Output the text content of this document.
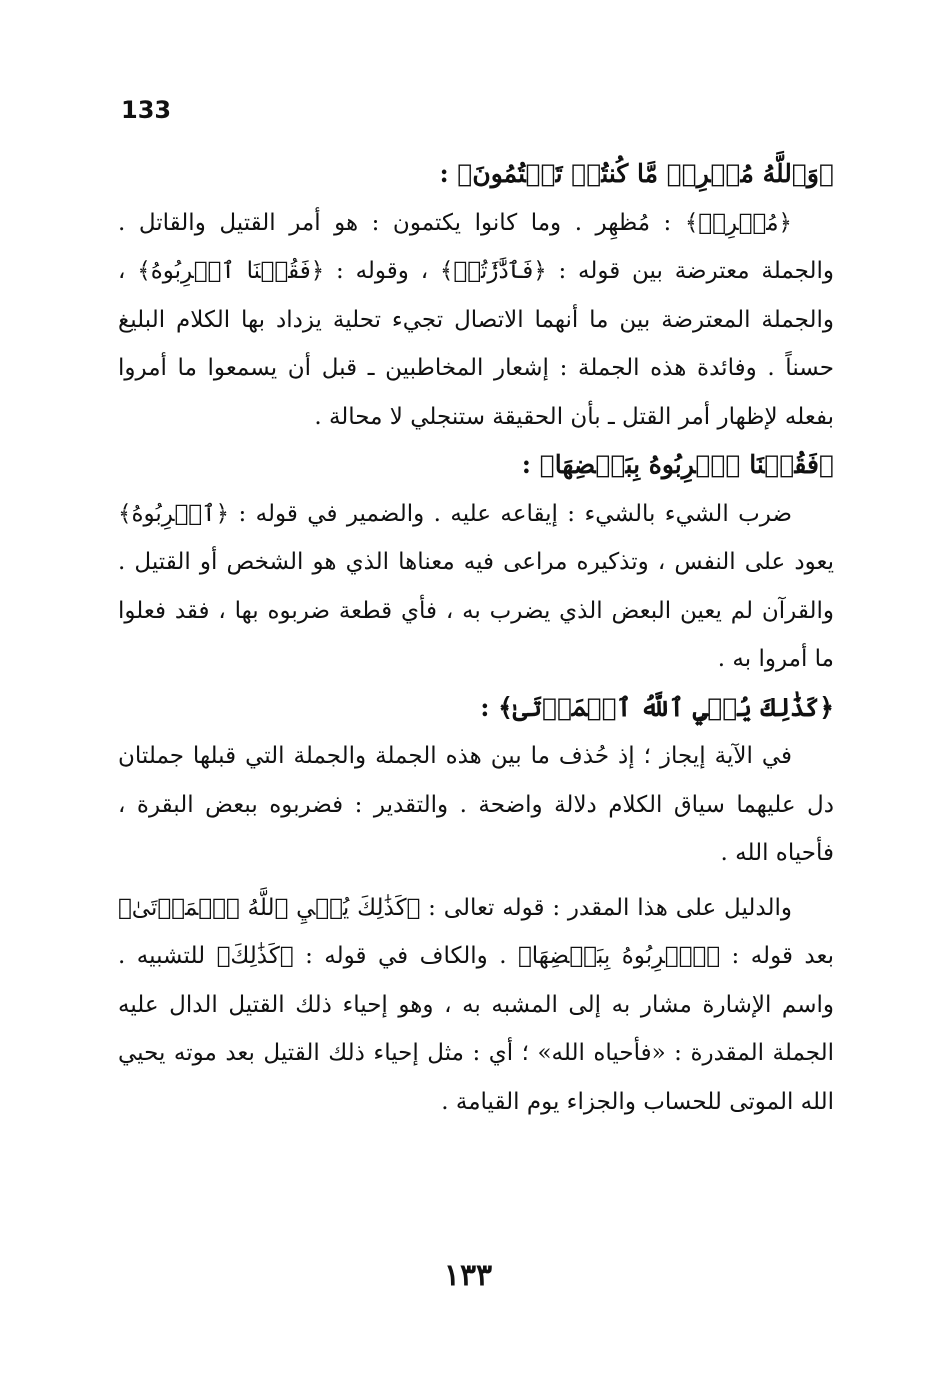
133

﴿وَٱللَّهُ مُخۡرِجٞ مَّا كُنتُمۡ تَكۡتُمُونَ﴾ :

﴿مُخۡرِجٞ﴾ : مُظهِر . وما كانوا يكتمون : هو أمر القتيل والقاتل . والجملة معترضة بين قوله : ﴿فَٱدَّٰرَٰٔتُمۡ﴾ ، وقوله : ﴿فَقُلۡنَا ٱضۡرِبُوهُ﴾ ، والجملة المعترضة بين ما أنهما الاتصال تجيء تحلية يزداد بها الكلام البليغ حسناً . وفائدة هذه الجملة : إشعار المخاطبين ـ قبل أن يسمعوا ما أمروا بفعله لإظهار أمر القتل ـ بأن الحقيقة ستنجلي لا محالة .

﴿فَقُلۡنَا ٱضۡرِبُوهُ بِبَعۡضِهَا﴾ :

ضرب الشيء بالشيء : إيقاعه عليه . والضمير في قوله : ﴿ٱضۡرِبُوهُ﴾ يعود على النفس ، وتذكيره مراعى فيه معناها الذي هو الشخص أو القتيل . والقرآن لم يعين البعض الذي يضرب به ، فأي قطعة ضربوه بها ، فقد فعلوا ما أمروا به .

﴿كَذَٰلِكَ يُحۡيِ ٱللَّهُ ٱلۡمَوۡتَىٰ﴾ :

في الآية إيجاز ؛ إذ حُذف ما بين هذه الجملة والجملة التي قبلها جملتان دل عليهما سياق الكلام دلالة واضحة . والتقدير : فضربوه ببعض البقرة ، فأحياه الله .

والدليل على هذا المقدر : قوله تعالى : ﴿كَذَٰلِكَ يُحۡيِ ٱللَّهُ ٱلۡمَوۡتَىٰ﴾ بعد قوله : ﴿ٱضۡرِبُوهُ بِبَعۡضِهَا﴾ . والكاف في قوله : ﴿كَذَٰلِكَ﴾ للتشبيه . واسم الإشارة مشار به إلى المشبه به ، وهو إحياء ذلك القتيل الدال عليه الجملة المقدرة : «فأحياه الله» ؛ أي : مثل إحياء ذلك القتيل بعد موته يحيي الله الموتى للحساب والجزاء يوم القيامة .

١٣٣
